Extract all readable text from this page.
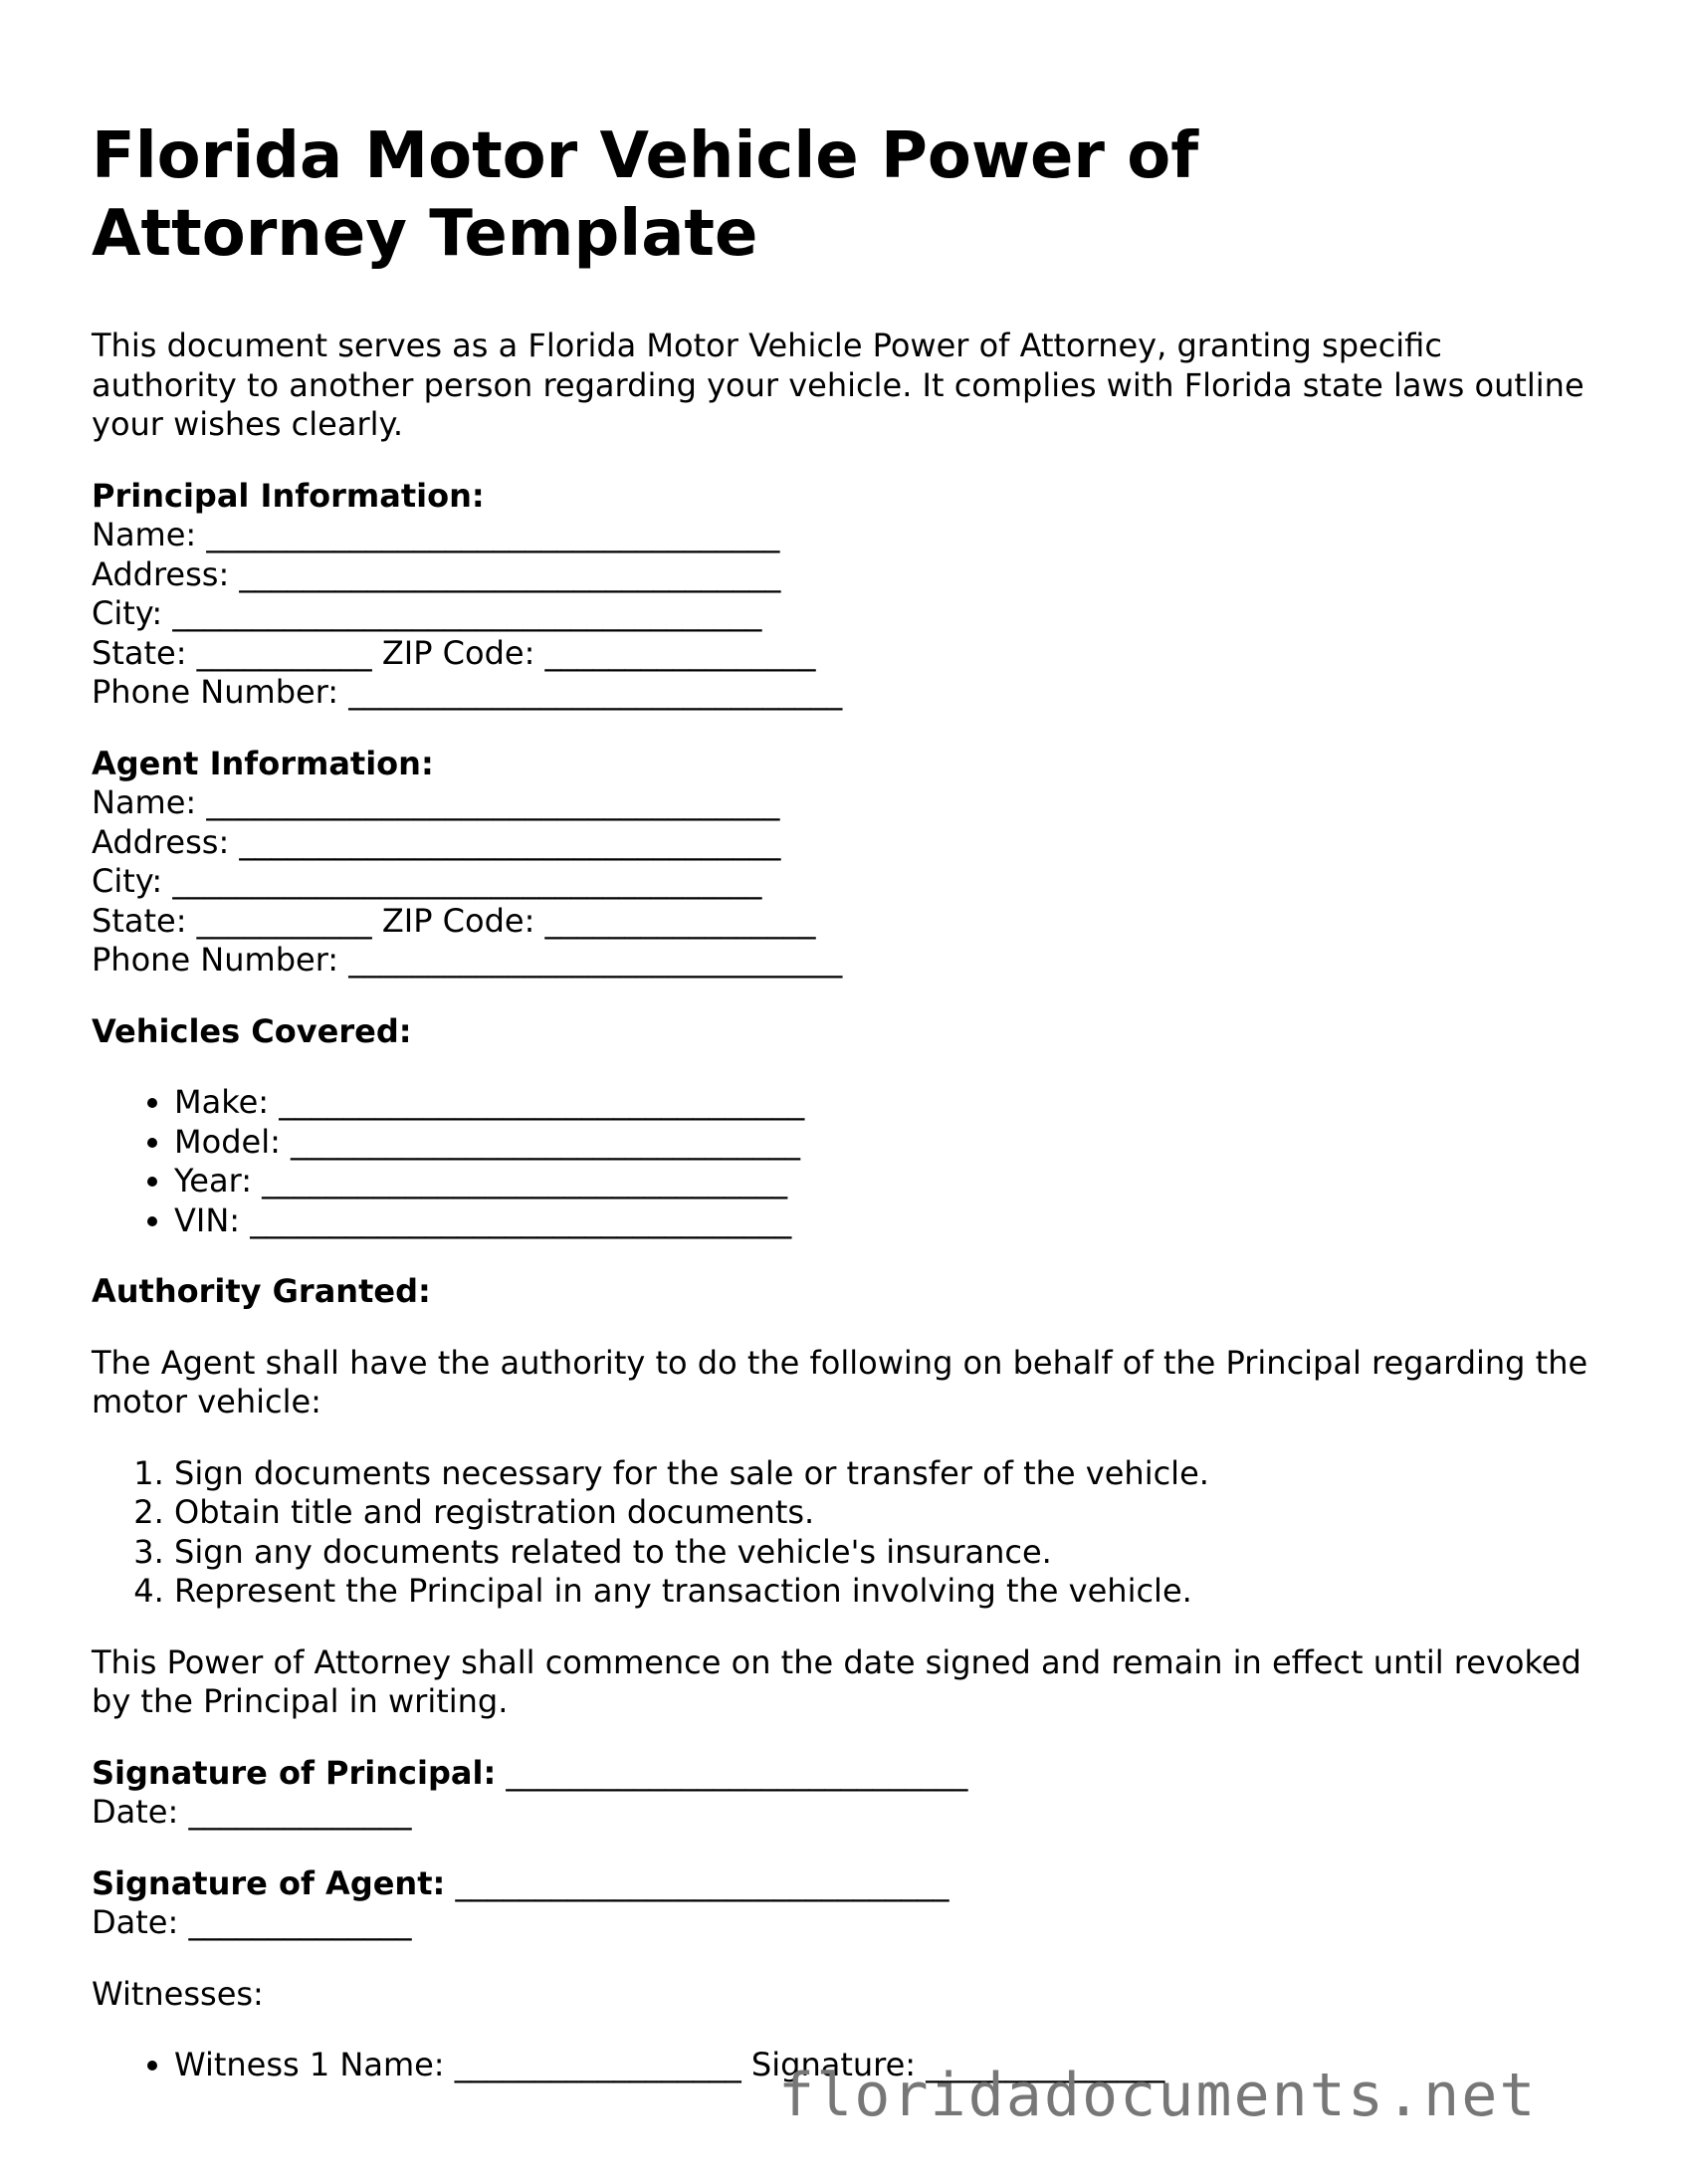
Florida Motor Vehicle Power of Attorney Template

This document serves as a Florida Motor Vehicle Power of Attorney, granting specific authority to another person regarding your vehicle. It complies with Florida state laws outline your wishes clearly.

Principal Information:
Name: ____________________________________
Address: __________________________________
City: _____________________________________
State: ___________ ZIP Code: _________________
Phone Number: _______________________________
Agent Information:
Name: ____________________________________
Address: __________________________________
City: _____________________________________
State: ___________ ZIP Code: _________________
Phone Number: _______________________________
Vehicles Covered:
• Make: _________________________________
• Model: ________________________________
• Year: _________________________________
• VIN: __________________________________
Authority Granted:

The Agent shall have the authority to do the following on behalf of the Principal regarding the motor vehicle:

1. Sign documents necessary for the sale or transfer of the vehicle.
2. Obtain title and registration documents.
3. Sign any documents related to the vehicle's insurance.
4. Represent the Principal in any transaction involving the vehicle.

This Power of Attorney shall commence on the date signed and remain in effect until revoked by the Principal in writing.

Signature of Principal: _____________________________
Date: ______________
Signature of Agent: _______________________________
Date: ______________
Witnesses:
• Witness 1 Name: __________________ Signature: _______________
floridadocuments.net
